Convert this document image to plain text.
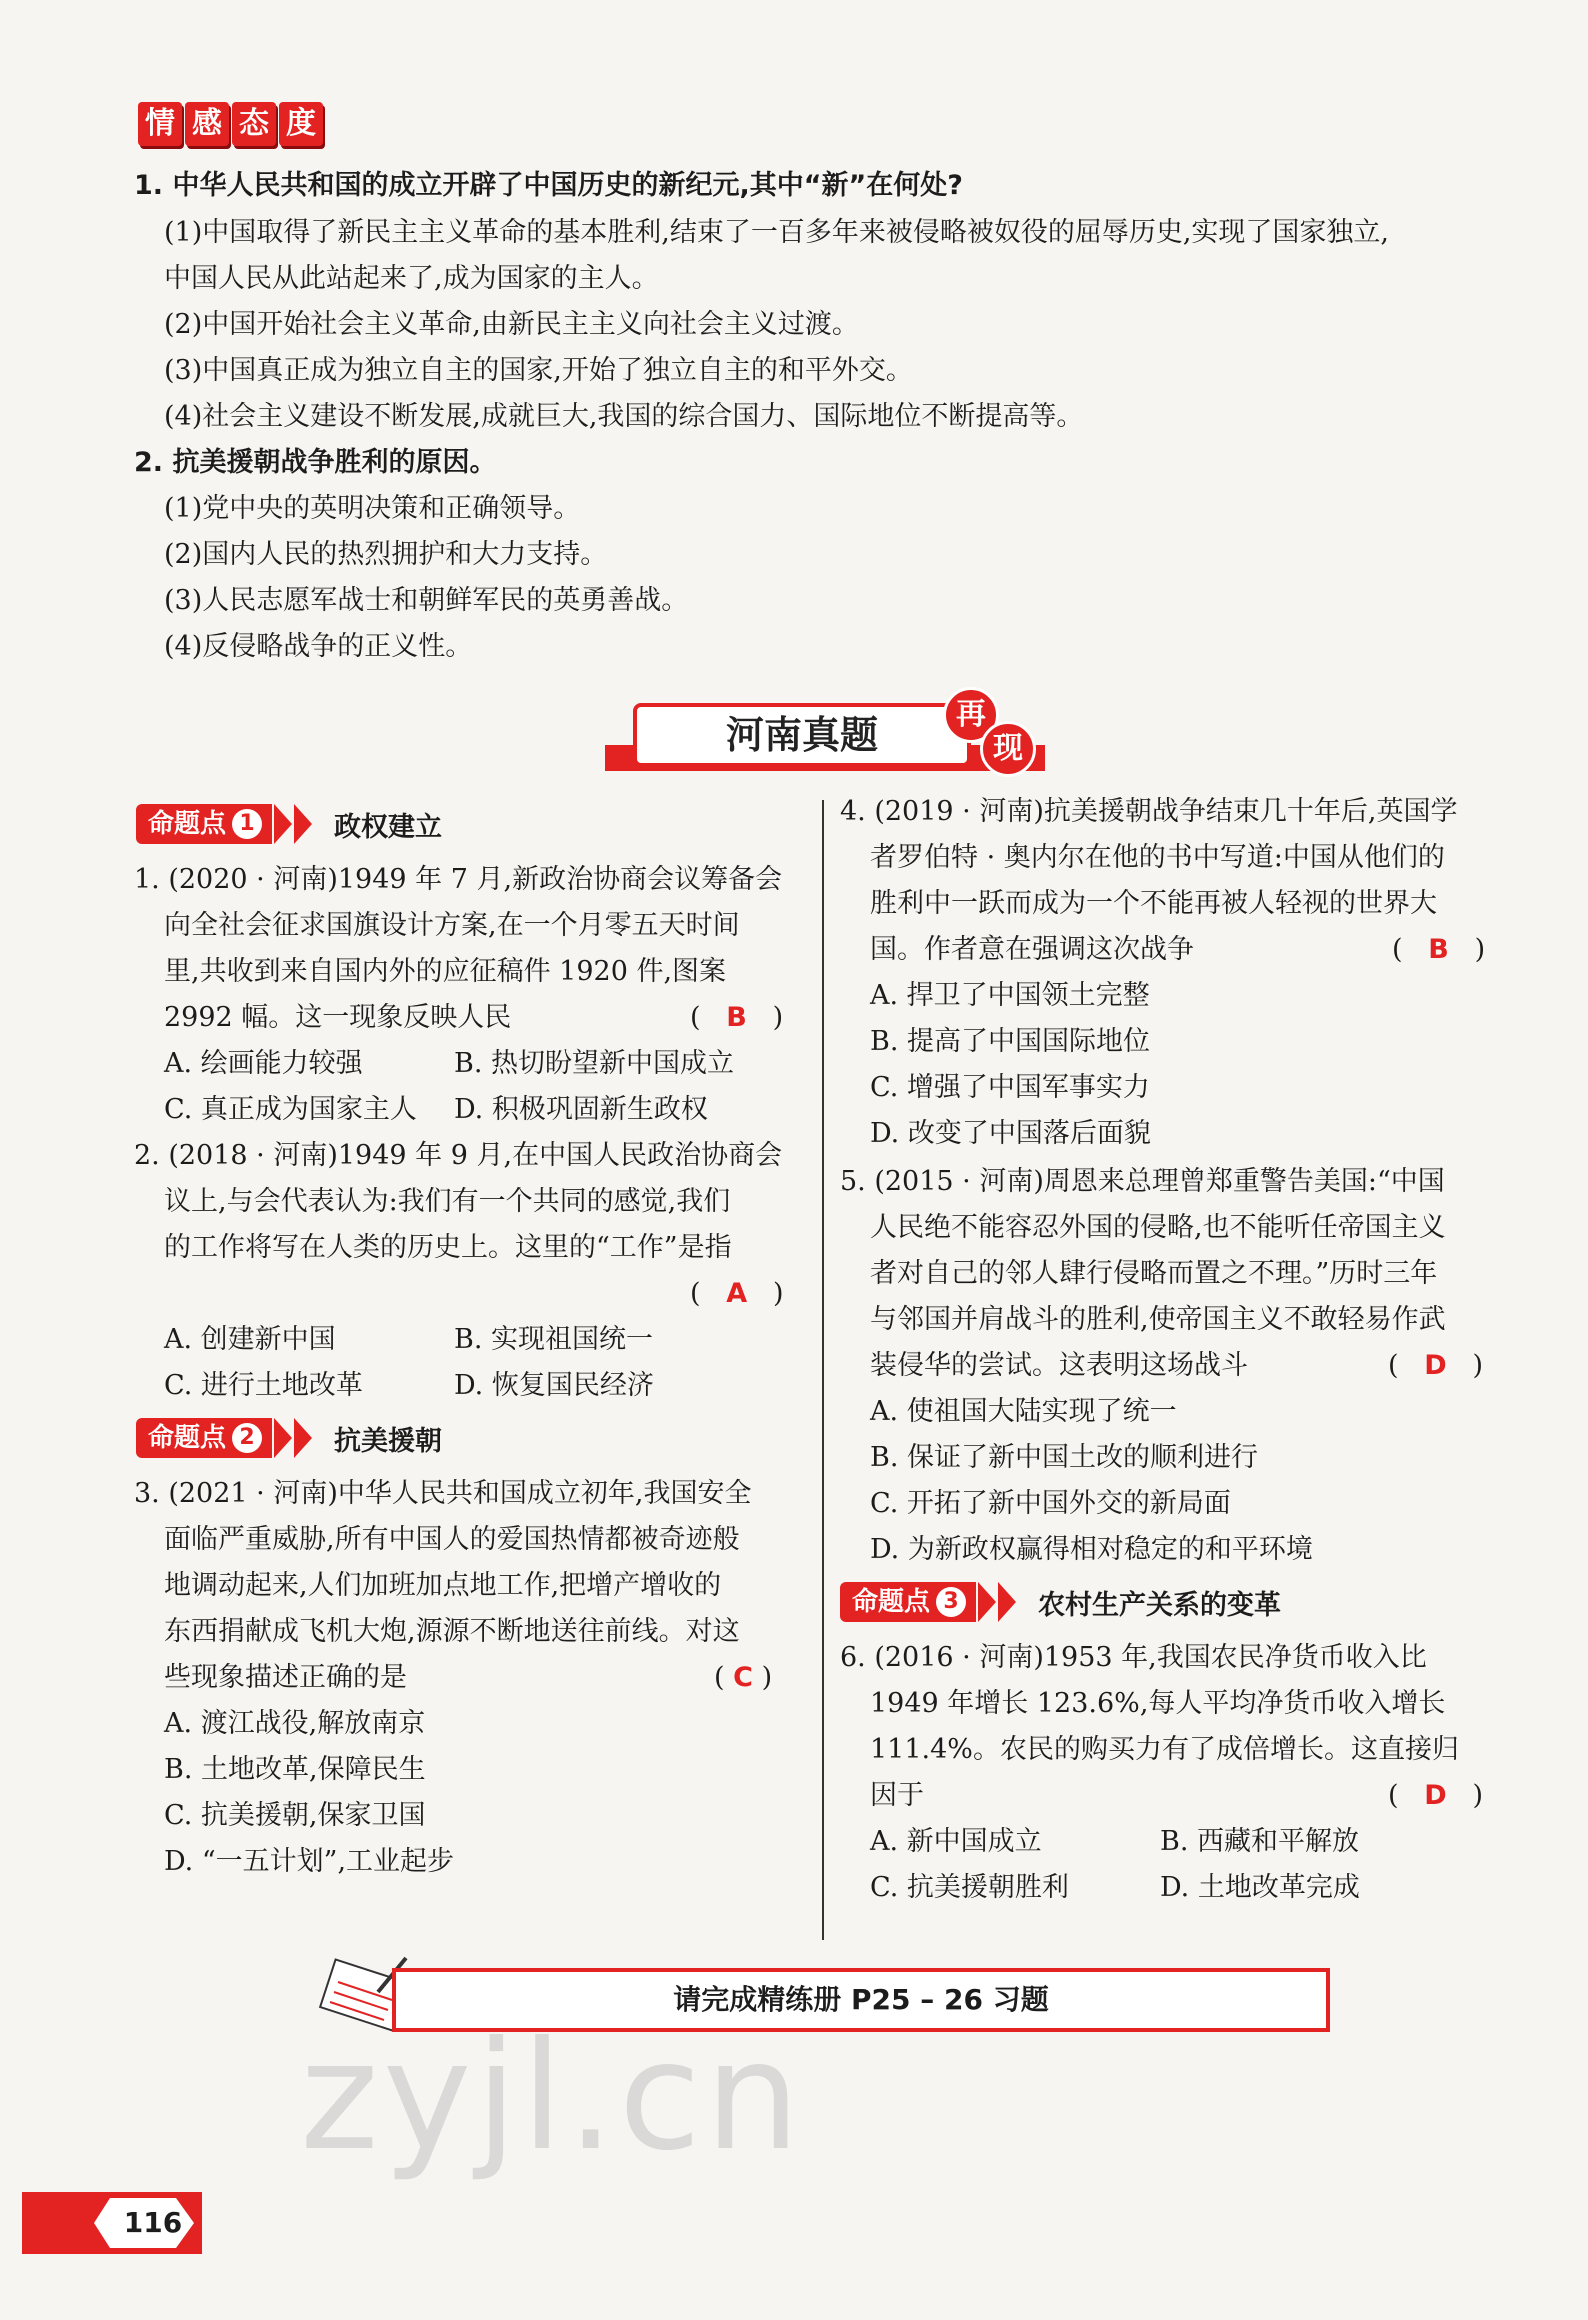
情 感 态 度
1. 中华人民共和国的成立开辟了中国历史的新纪元,其中“新”在何处?
(1)中国取得了新民主主义革命的基本胜利,结束了一百多年来被侵略被奴役的屈辱历史,实现了国家独立,
中国人民从此站起来了,成为国家的主人。
(2)中国开始社会主义革命,由新民主主义向社会主义过渡。
(3)中国真正成为独立自主的国家,开始了独立自主的和平外交。
(4)社会主义建设不断发展,成就巨大,我国的综合国力、国际地位不断提高等。
2. 抗美援朝战争胜利的原因。
(1)党中央的英明决策和正确领导。
(2)国内人民的热烈拥护和大力支持。
(3)人民志愿军战士和朝鲜军民的英勇善战。
(4)反侵略战争的正义性。
河南真题	再
现
命题点 1	政权建立
1. (2020 · 河南)1949 年 7 月,新政治协商会议筹备会
向全社会征求国旗设计方案,在一个月零五天时间
里,共收到来自国内外的应征稿件 1920 件,图案
2992 幅。这一现象反映人民	( B )
A. 绘画能力较强	B. 热切盼望新中国成立
C. 真正成为国家主人 D. 积极巩固新生政权
2. (2018 · 河南)1949 年 9 月,在中国人民政治协商会
议上,与会代表认为:我们有一个共同的感觉,我们
的工作将写在人类的历史上。这里的“工作”是指
( A )
A. 创建新中国	B. 实现祖国统一
C. 进行土地改革	D. 恢复国民经济
命题点 2	抗美援朝
3. (2021 · 河南)中华人民共和国成立初年,我国安全
面临严重威胁,所有中国人的爱国热情都被奇迹般
地调动起来,人们加班加点地工作,把增产增收的
东西捐献成飞机大炮,源源不断地送往前线。对这
些现象描述正确的是	( C )
A. 渡江战役,解放南京
B. 土地改革,保障民生
C. 抗美援朝,保家卫国
D. “一五计划”,工业起步
4. (2019 · 河南)抗美援朝战争结束几十年后,英国学
者罗伯特 · 奥内尔在他的书中写道:中国从他们的
胜利中一跃而成为一个不能再被人轻视的世界大
国。作者意在强调这次战争	( B )
A. 捍卫了中国领土完整
B. 提高了中国国际地位
C. 增强了中国军事实力
D. 改变了中国落后面貌
5. (2015 · 河南)周恩来总理曾郑重警告美国:“中国
人民绝不能容忍外国的侵略,也不能听任帝国主义
者对自己的邻人肆行侵略而置之不理。”历时三年
与邻国并肩战斗的胜利,使帝国主义不敢轻易作武
装侵华的尝试。这表明这场战斗	( D )
A. 使祖国大陆实现了统一
B. 保证了新中国土改的顺利进行
C. 开拓了新中国外交的新局面
D. 为新政权赢得相对稳定的和平环境
命题点 3	农村生产关系的变革
6. (2016 · 河南)1953 年,我国农民净货币收入比
1949 年增长 123.6%,每人平均净货币收入增长
111.4%。农民的购买力有了成倍增长。这直接归
因于	( D )
A. 新中国成立	B. 西藏和平解放
C. 抗美援朝胜利	D. 土地改革完成
请完成精练册 P25 – 26 习题
zyjl.cn
116
